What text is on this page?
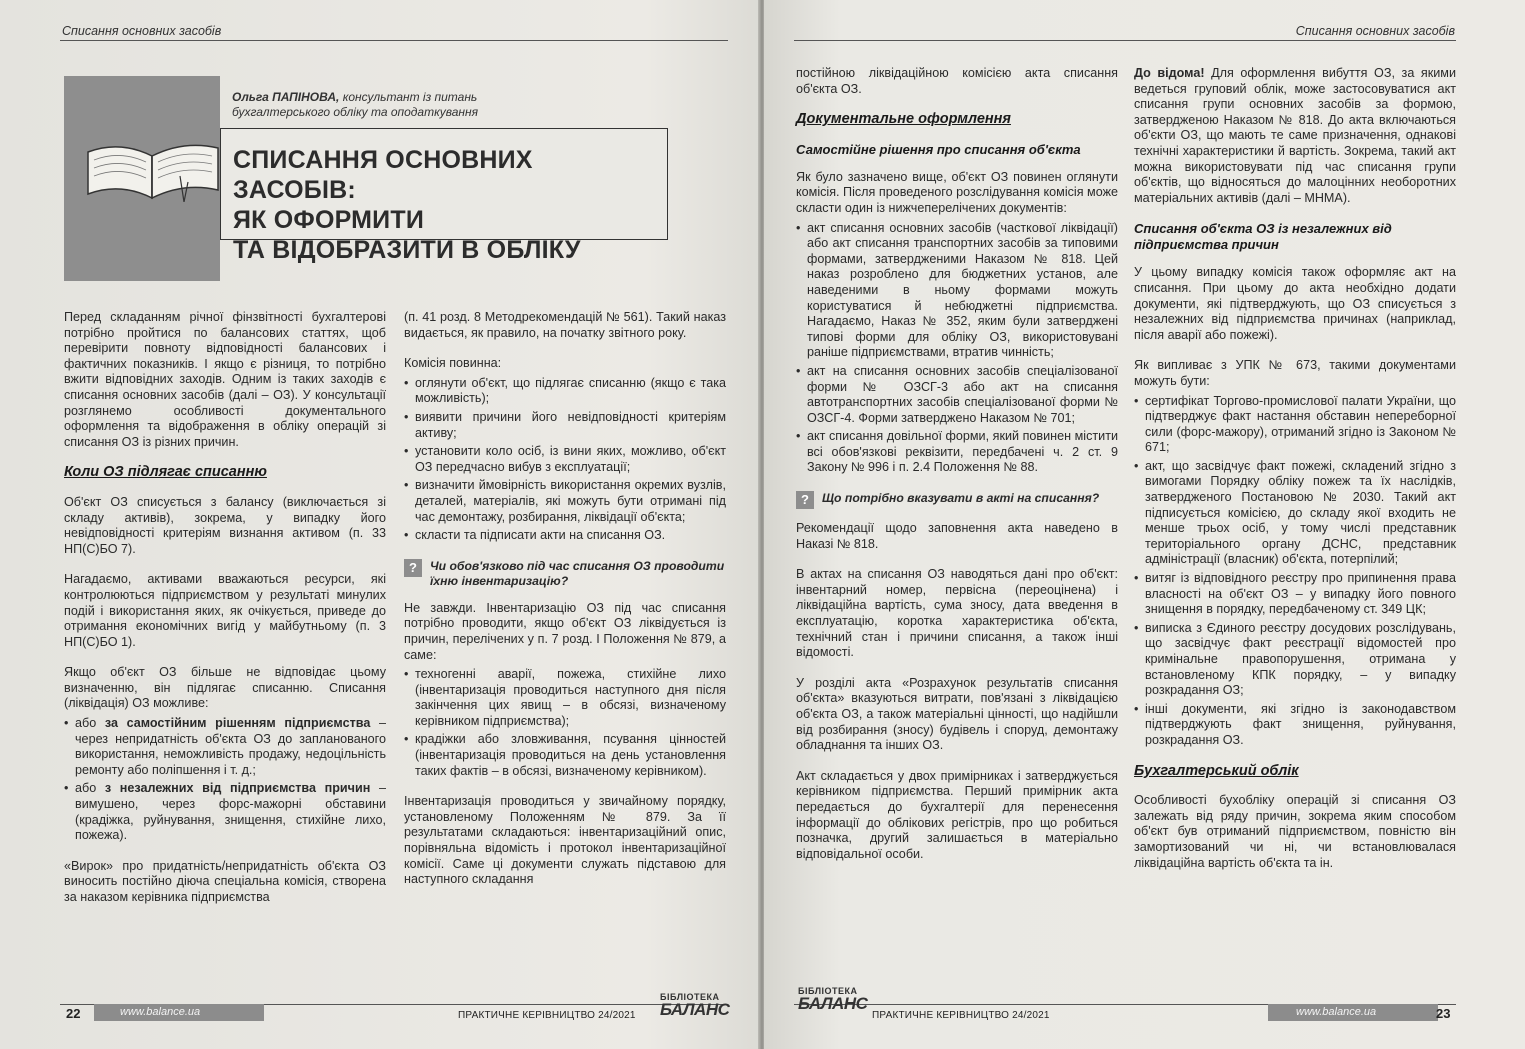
Списання основних засобів
Ольга ПАПІНОВА, консультант із питань бухгалтерського обліку та оподаткування
СПИСАННЯ ОСНОВНИХ ЗАСОБІВ:
ЯК ОФОРМИТИ
ТА ВІДОБРАЗИТИ В ОБЛІКУ

Перед складанням річної фінзвітності бухгалтерові потрібно пройтися по балансових статтях, щоб перевірити повноту відповідності балансових і фактичних показників. І якщо є різниця, то потрібно вжити відповідних заходів. Одним із таких заходів є списання основних засобів (далі – ОЗ). У консультації розглянемо особливості документального оформлення та відображення в обліку операцій зі списання ОЗ із різних причин.

Коли ОЗ підлягає списанню

Об'єкт ОЗ списується з балансу (виключається зі складу активів), зокрема, у випадку його невідповідності критеріям визнання активом (п. 33 НП(С)БО 7).

Нагадаємо, активами вважаються ресурси, які контролюються підприємством у результаті минулих подій і використання яких, як очікується, приведе до отримання економічних вигід у майбутньому (п. 3 НП(С)БО 1).

Якщо об'єкт ОЗ більше не відповідає цьому визначенню, він підлягає списанню. Списання (ліквідація) ОЗ можливе:

• або за самостійним рішенням підприємства – через непридатність об'єкта ОЗ до запланованого використання, неможливість продажу, недоцільність ремонту або поліпшення і т. д.;
• або з незалежних від підприємства причин – вимушено, через форс-мажорні обставини (крадіжка, руйнування, знищення, стихійне лихо, пожежа).

«Вирок» про придатність/непридатність об'єкта ОЗ виносить постійно діюча спеціальна комісія, створена за наказом керівника підприємства

(п. 41 розд. 8 Методрекомендацій № 561). Такий наказ видається, як правило, на початку звітного року.

Комісія повинна:

• оглянути об'єкт, що підлягає списанню (якщо є така можливість);
• виявити причини його невідповідності критеріям активу;
• установити коло осіб, із вини яких, можливо, об'єкт ОЗ передчасно вибув з експлуатації;
• визначити ймовірність використання окремих вузлів, деталей, матеріалів, які можуть бути отримані під час демонтажу, розбирання, ліквідації об'єкта;
• скласти та підписати акти на списання ОЗ.
?	Чи обов'язково під час списання ОЗ проводити їхню інвентаризацію?

Не завжди. Інвентаризацію ОЗ під час списання потрібно проводити, якщо об'єкт ОЗ ліквідується із причин, перелічених у п. 7 розд. І Положення № 879, а саме:

• техногенні аварії, пожежа, стихійне лихо (інвентаризація проводиться наступного дня після закінчення цих явищ – в обсязі, визначеному керівником підприємства);
• крадіжки або зловживання, псування цінностей (інвентаризація проводиться на день установлення таких фактів – в обсязі, визначеному керівником).

Інвентаризація проводиться у звичайному порядку, установленому Положенням № 879. За її результатами складаються: інвентаризаційний опис, порівняльна відомість і протокол інвентаризаційної комісії. Саме ці документи служать підставою для наступного складання

22	www.balance.ua	ПРАКТИЧНЕ КЕРІВНИЦТВО 24/2021
БІБЛІОТЕКА
БАЛАНС
Списання основних засобів

постійною ліквідаційною комісією акта списання об'єкта ОЗ.

Документальне оформлення
Самостійне рішення про списання об'єкта

Як було зазначено вище, об'єкт ОЗ повинен оглянути комісія. Після проведеного розслідування комісія може скласти один із нижчеперелічених документів:

• акт списання основних засобів (часткової ліквідації) або акт списання транспортних засобів за типовими формами, затвердженими Наказом № 818. Цей наказ розроблено для бюджетних установ, але наведеними в ньому формами можуть користуватися й небюджетні підприємства. Нагадаємо, Наказ № 352, яким були затверджені типові форми для обліку ОЗ, використовувані раніше підприємствами, втратив чинність;
• акт на списання основних засобів спеціалізованої форми № ОЗСГ-3 або акт на списання автотранспортних засобів спеціалізованої форми № ОЗСГ-4. Форми затверджено Наказом № 701;
• акт списання довільної форми, який повинен містити всі обов'язкові реквізити, передбачені ч. 2 ст. 9 Закону № 996 і п. 2.4 Положення № 88.
?	Що потрібно вказувати в акті на списання?

Рекомендації щодо заповнення акта наведено в Наказі № 818.

В актах на списання ОЗ наводяться дані про об'єкт: інвентарний номер, первісна (переоцінена) і ліквідаційна вартість, сума зносу, дата введення в експлуатацію, коротка характеристика об'єкта, технічний стан і причини списання, а також інші відомості.

У розділі акта «Розрахунок результатів списання об'єкта» вказуються витрати, пов'язані з ліквідацією об'єкта ОЗ, а також матеріальні цінності, що надійшли від розбирання (зносу) будівель і споруд, демонтажу обладнання та інших ОЗ.

Акт складається у двох примірниках і затверджується керівником підприємства. Перший примірник акта передається до бухгалтерії для перенесення інформації до облікових регістрів, про що робиться позначка, другий залишається в матеріально відповідальної особи.

До відома! Для оформлення вибуття ОЗ, за якими ведеться груповий облік, може застосовуватися акт списання групи основних засобів за формою, затвердженою Наказом № 818. До акта включаються об'єкти ОЗ, що мають те саме призначення, однакові технічні характеристики й вартість. Зокрема, такий акт можна використовувати під час списання групи об'єктів, що відносяться до малоцінних необоротних матеріальних активів (далі – МНМА).

Списання об'єкта ОЗ із незалежних від підприємства причин

У цьому випадку комісія також оформляє акт на списання. При цьому до акта необхідно додати документи, які підтверджують, що ОЗ списується з незалежних від підприємства причинах (наприклад, після аварії або пожежі).

Як випливає з УПК № 673, такими документами можуть бути:

• сертифікат Торгово-промислової палати України, що підтверджує факт настання обставин непереборної сили (форс-мажору), отриманий згідно із Законом № 671;
• акт, що засвідчує факт пожежі, складений згідно з вимогами Порядку обліку пожеж та їх наслідків, затвердженого Постановою № 2030. Такий акт підписується комісією, до складу якої входить не менше трьох осіб, у тому числі представник територіального органу ДСНС, представник адміністрації (власник) об'єкта, потерпілий;
• витяг із відповідного реєстру про припинення права власності на об'єкт ОЗ – у випадку його повного знищення в порядку, передбаченому ст. 349 ЦК;
• виписка з Єдиного реєстру досудових розслідувань, що засвідчує факт реєстрації відомостей про кримінальне правопорушення, отримана у встановленому КПК порядку, – у випадку розкрадання ОЗ;
• інші документи, які згідно із законодавством підтверджують факт знищення, руйнування, розкрадання ОЗ.
Бухгалтерський облік

Особливості бухобліку операцій зі списання ОЗ залежать від ряду причин, зокрема яким способом об'єкт був отриманий підприємством, повністю він замортизований чи ні, чи встановлювалася ліквідаційна вартість об'єкта та ін.

БІБЛІОТЕКА
БАЛАНС
ПРАКТИЧНЕ КЕРІВНИЦТВО 24/2021	www.balance.ua	23
